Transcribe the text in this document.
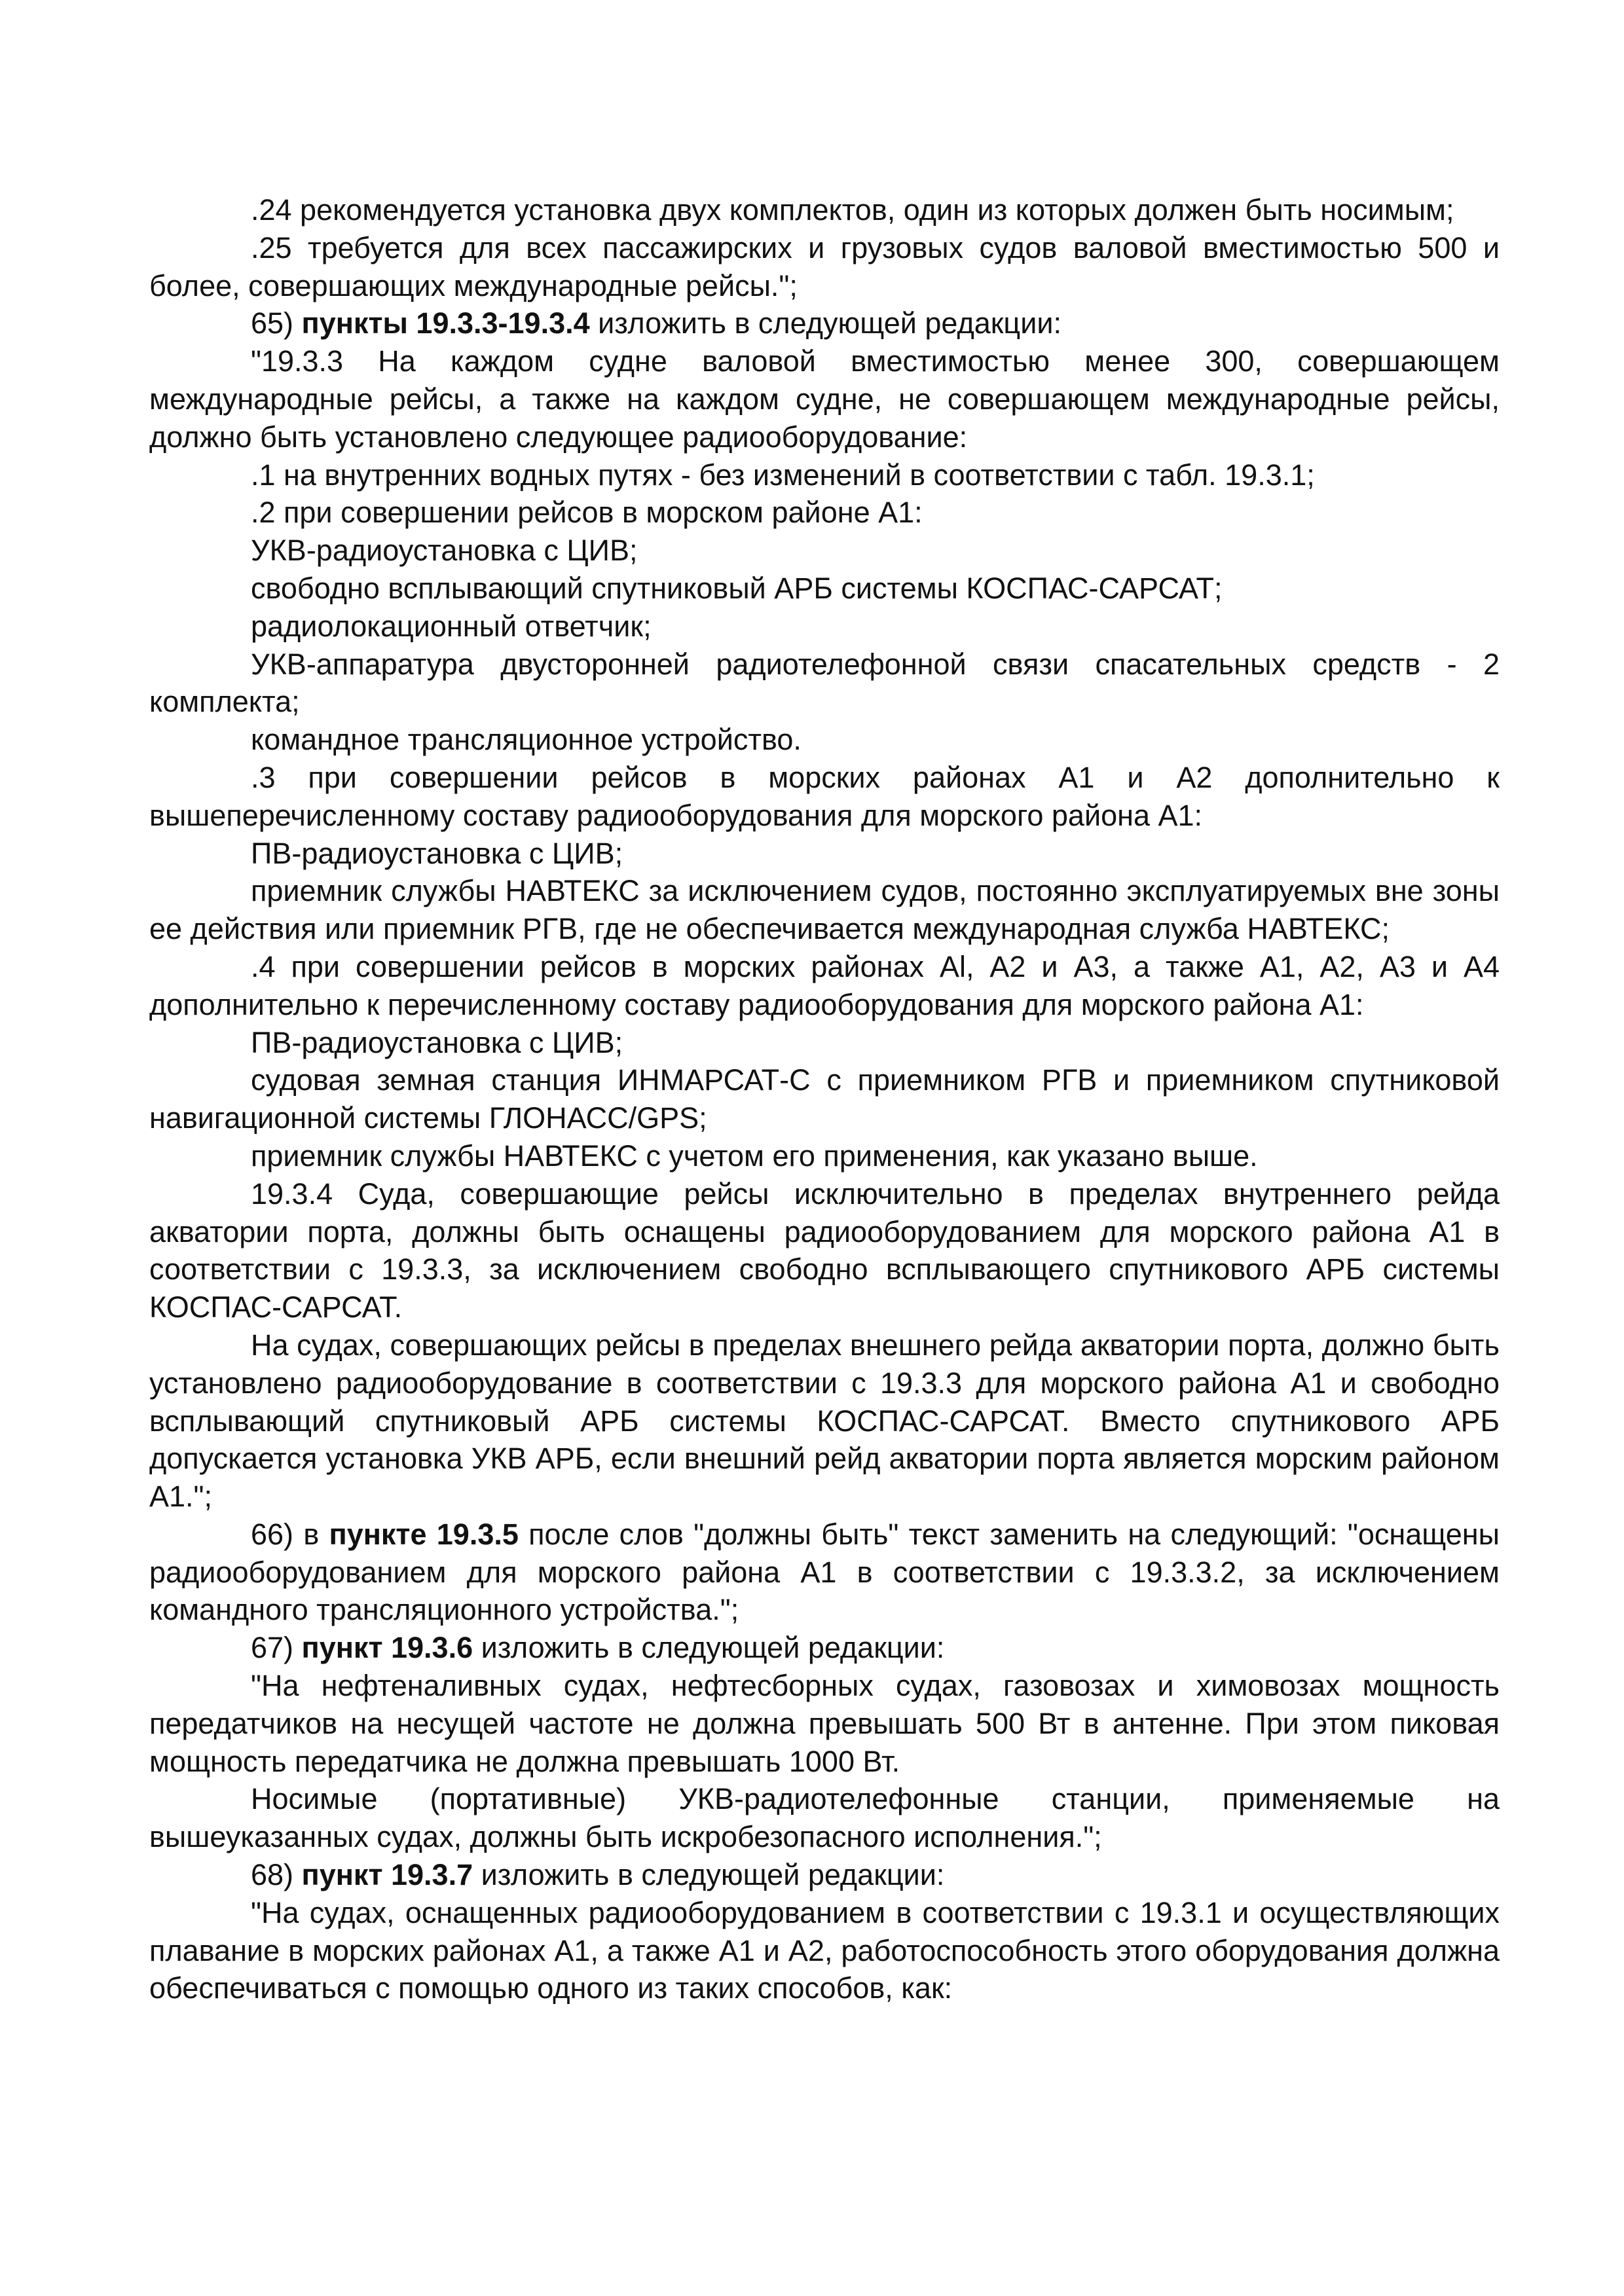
.24 рекомендуется установка двух комплектов, один из которых должен быть носимым;

.25 требуется для всех пассажирских и грузовых судов валовой вместимостью 500 и более, совершающих международные рейсы.";

65) пункты 19.3.3-19.3.4 изложить в следующей редакции:

"19.3.3 На каждом судне валовой вместимостью менее 300, совершающем международные рейсы, а также на каждом судне, не совершающем международные рейсы, должно быть установлено следующее радиооборудование:

.1 на внутренних водных путях - без изменений в соответствии с табл. 19.3.1;

.2 при совершении рейсов в морском районе А1:

УКВ-радиоустановка с ЦИВ;

свободно всплывающий спутниковый АРБ системы КОСПАС-САРСАТ;

радиолокационный ответчик;

УКВ-аппаратура двусторонней радиотелефонной связи спасательных средств - 2 комплекта;

командное трансляционное устройство.

.3 при совершении рейсов в морских районах А1 и А2 дополнительно к вышеперечисленному составу радиооборудования для морского района А1:

ПВ-радиоустановка с ЦИВ;

приемник службы НАВТЕКС за исключением судов, постоянно эксплуатируемых вне зоны ее действия или приемник РГВ, где не обеспечивается международная служба НАВТЕКС;

.4 при совершении рейсов в морских районах Al, А2 и А3, а также А1, А2, А3 и А4 дополнительно к перечисленному составу радиооборудования для морского района А1:

ПВ-радиоустановка с ЦИВ;

судовая земная станция ИНМАРСАТ-С с приемником РГВ и приемником спутниковой навигационной системы ГЛОНАСС/GPS;

приемник службы НАВТЕКС с учетом его применения, как указано выше.

19.3.4 Суда, совершающие рейсы исключительно в пределах внутреннего рейда акватории порта, должны быть оснащены радиооборудованием для морского района А1 в соответствии с 19.3.3, за исключением свободно всплывающего спутникового АРБ системы КОСПАС-САРСАТ.

На судах, совершающих рейсы в пределах внешнего рейда акватории порта, должно быть установлено радиооборудование в соответствии с 19.3.3 для морского района А1 и свободно всплывающий спутниковый АРБ системы КОСПАС-САРСАТ. Вместо спутникового АРБ допускается установка УКВ АРБ, если внешний рейд акватории порта является морским районом А1.";

66) в пункте 19.3.5 после слов "должны быть" текст заменить на следующий: "оснащены радиооборудованием для морского района А1 в соответствии с 19.3.3.2, за исключением командного трансляционного устройства.";

67) пункт 19.3.6 изложить в следующей редакции:

"На нефтеналивных судах, нефтесборных судах, газовозах и химовозах мощность передатчиков на несущей частоте не должна превышать 500 Вт в антенне. При этом пиковая мощность передатчика не должна превышать 1000 Вт.

Носимые (портативные) УКВ-радиотелефонные станции, применяемые на вышеуказанных судах, должны быть искробезопасного исполнения.";

68) пункт 19.3.7 изложить в следующей редакции:

"На судах, оснащенных радиооборудованием в соответствии с 19.3.1 и осуществляющих плавание в морских районах А1, а также А1 и А2, работоспособность этого оборудования должна обеспечиваться с помощью одного из таких способов, как:
